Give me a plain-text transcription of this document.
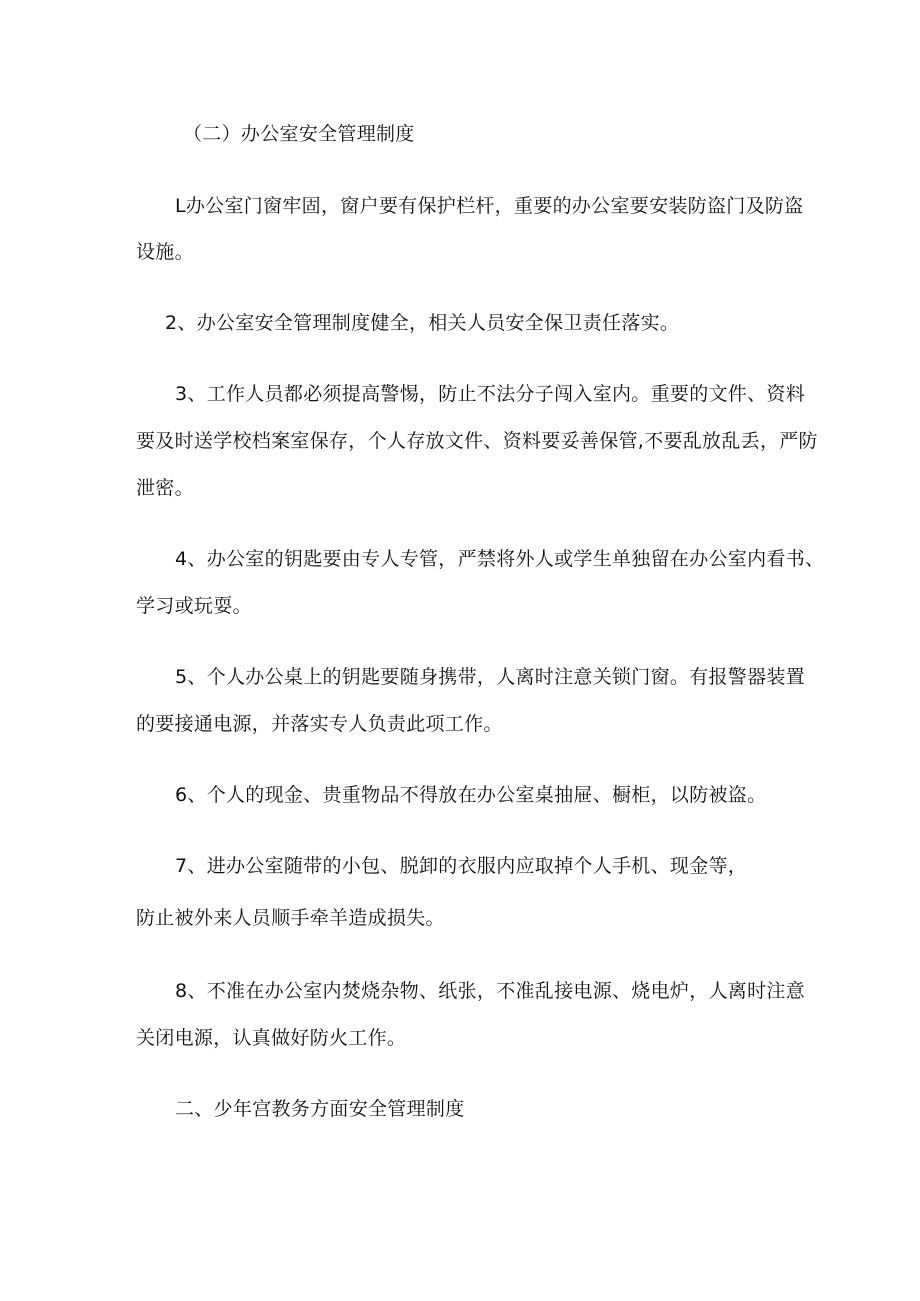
（二）办公室安全管理制度
L办公室门窗牢固，窗户要有保护栏杆，重要的办公室要安装防盗门及防盗
设施。
2、办公室安全管理制度健全，相关人员安全保卫责任落实。
3、工作人员都必须提高警惕，防止不法分子闯入室内。重要的文件、资料
要及时送学校档案室保存，个人存放文件、资料要妥善保管,不要乱放乱丢，严防
泄密。
4、办公室的钥匙要由专人专管，严禁将外人或学生单独留在办公室内看书、
学习或玩耍。
5、个人办公桌上的钥匙要随身携带，人离时注意关锁门窗。有报警器装置
的要接通电源，并落实专人负责此项工作。
6、个人的现金、贵重物品不得放在办公室桌抽屉、橱柜，以防被盗。
7、进办公室随带的小包、脱卸的衣服内应取掉个人手机、现金等，
防止被外来人员顺手牵羊造成损失。
8、不准在办公室内焚烧杂物、纸张，不准乱接电源、烧电炉，人离时注意
关闭电源，认真做好防火工作。
二、少年宫教务方面安全管理制度
